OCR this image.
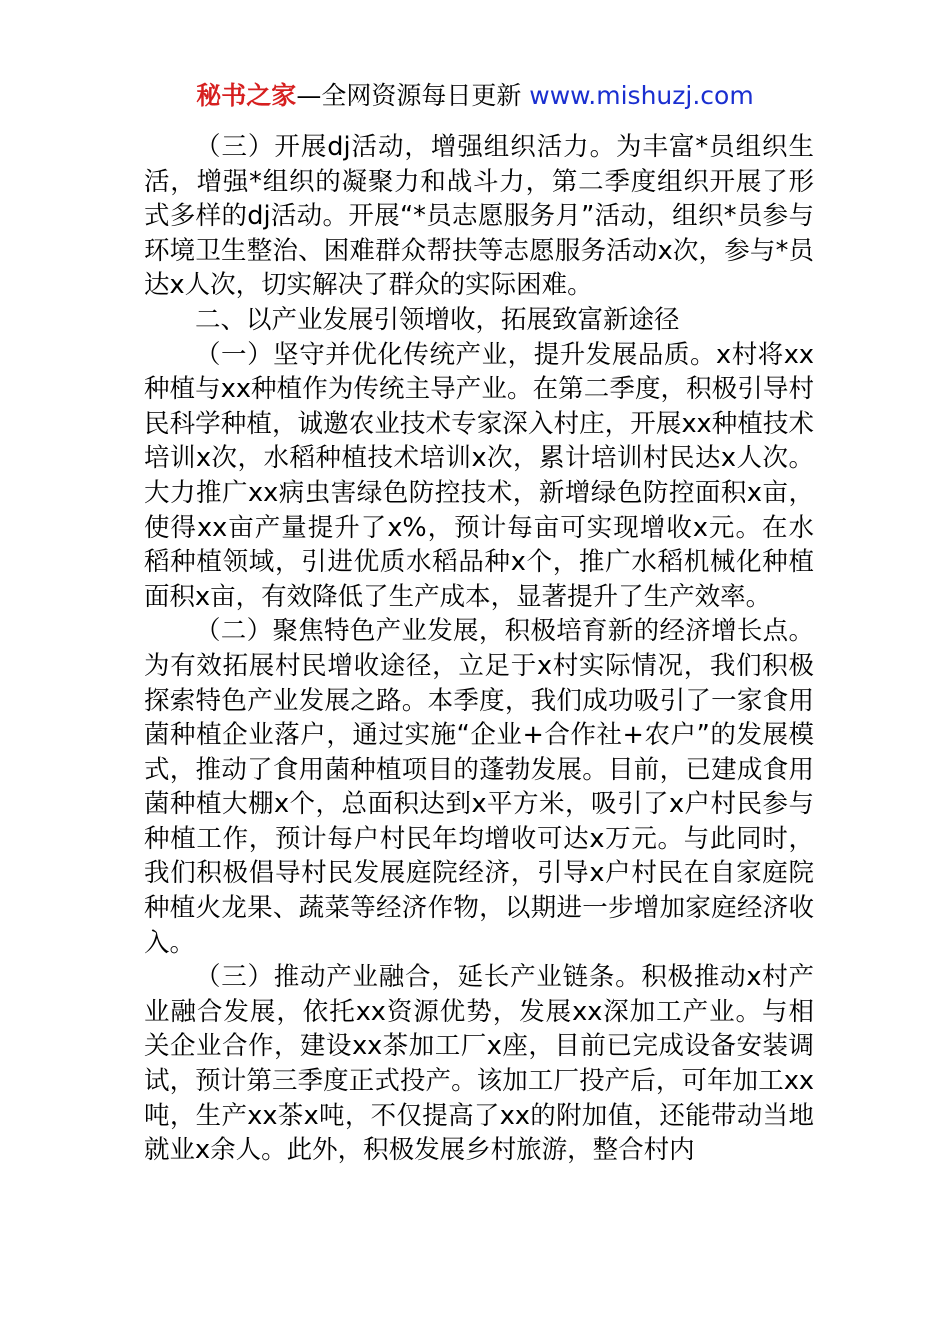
秘书之家—全网资源每日更新 www.mishuzj.com

（三）开展dj活动，增强组织活力。为丰富*员组织生活，增强*组织的凝聚力和战斗力，第二季度组织开展了形式多样的dj活动。开展“*员志愿服务月”活动，组织*员参与环境卫生整治、困难群众帮扶等志愿服务活动x次，参与*员达x人次，切实解决了群众的实际困难。

二、以产业发展引领增收，拓展致富新途径

（一）坚守并优化传统产业，提升发展品质。x村将xx种植与xx种植作为传统主导产业。在第二季度，积极引导村民科学种植，诚邀农业技术专家深入村庄，开展xx种植技术培训x次，水稻种植技术培训x次，累计培训村民达x人次。大力推广xx病虫害绿色防控技术，新增绿色防控面积x亩，使得xx亩产量提升了x%，预计每亩可实现增收x元。在水稻种植领域，引进优质水稻品种x个，推广水稻机械化种植面积x亩，有效降低了生产成本，显著提升了生产效率。

（二）聚焦特色产业发展，积极培育新的经济增长点。为有效拓展村民增收途径，立足于x村实际情况，我们积极探索特色产业发展之路。本季度，我们成功吸引了一家食用菌种植企业落户，通过实施“企业+合作社+农户”的发展模式，推动了食用菌种植项目的蓬勃发展。目前，已建成食用菌种植大棚x个，总面积达到x平方米，吸引了x户村民参与种植工作，预计每户村民年均增收可达x万元。与此同时，我们积极倡导村民发展庭院经济，引导x户村民在自家庭院种植火龙果、蔬菜等经济作物，以期进一步增加家庭经济收入。

（三）推动产业融合，延长产业链条。积极推动x村产业融合发展，依托xx资源优势，发展xx深加工产业。与相关企业合作，建设xx茶加工厂x座，目前已完成设备安装调试，预计第三季度正式投产。该加工厂投产后，可年加工xx吨，生产xx茶x吨，不仅提高了xx的附加值，还能带动当地就业x余人。此外，积极发展乡村旅游，整合村内
